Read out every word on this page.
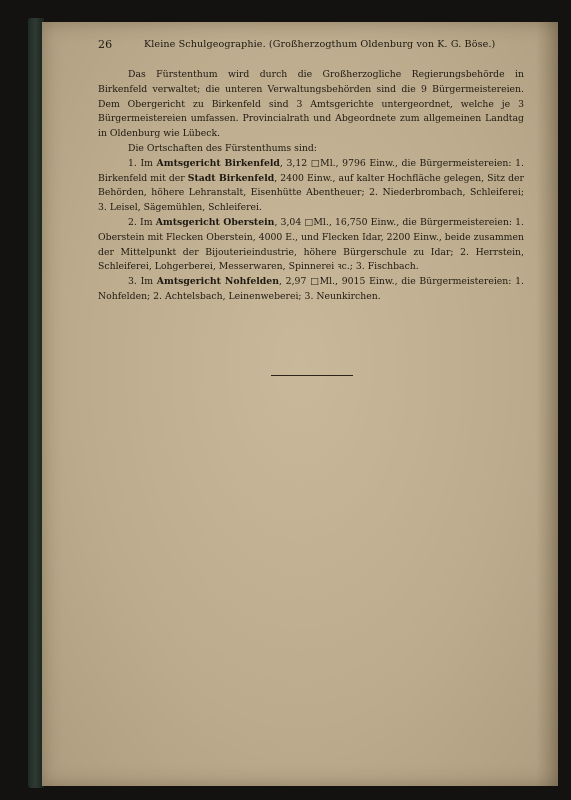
26	Kleine Schulgeographie. (Großherzogthum Oldenburg von K. G. Böse.)

Das Fürstenthum wird durch die Großherzogliche Regierungsbehörde in Birkenfeld verwaltet; die unteren Verwaltungsbehörden sind die 9 Bürgermeistereien. Dem Obergericht zu Birkenfeld sind 3 Amtsgerichte untergeordnet, welche je 3 Bürgermeistereien umfassen. Provincialrath und Abgeordnete zum allgemeinen Landtag in Oldenburg wie Lübeck.

Die Ortschaften des Fürstenthums sind:

1. Im Amtsgericht Birkenfeld, 3,12 □Ml., 9796 Einw., die Bürgermeistereien: 1. Birkenfeld mit der Stadt Birkenfeld, 2400 Einw., auf kalter Hochfläche gelegen, Sitz der Behörden, höhere Lehranstalt, Eisenhütte Abentheuer; 2. Niederbrombach, Schleiferei; 3. Leisel, Sägemühlen, Schleiferei.

2. Im Amtsgericht Oberstein, 3,04 □Ml., 16,750 Einw., die Bürgermeistereien: 1. Oberstein mit Flecken Oberstein, 4000 E., und Flecken Idar, 2200 Einw., beide zusammen der Mittelpunkt der Bijouterieindustrie, höhere Bürgerschule zu Idar; 2. Herrstein, Schleiferei, Lohgerberei, Messerwaren, Spinnerei ꝛc.; 3. Fischbach.

3. Im Amtsgericht Nohfelden, 2,97 □Ml., 9015 Einw., die Bürgermeistereien: 1. Nohfelden; 2. Achtelsbach, Leinenweberei; 3. Neunkirchen.
